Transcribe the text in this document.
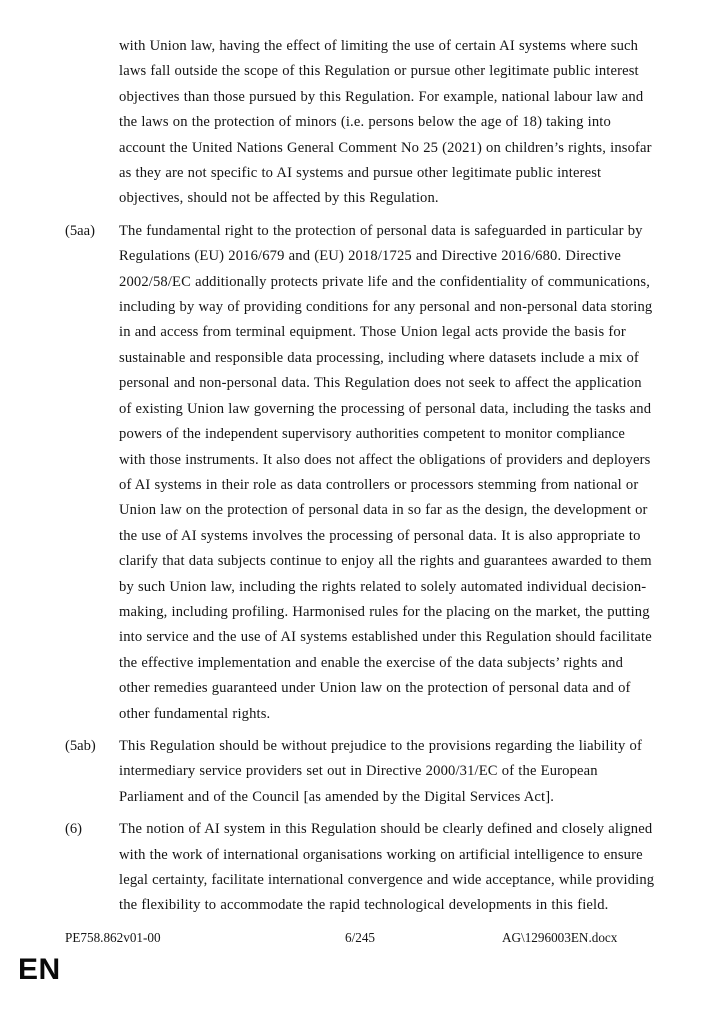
with Union law, having the effect of limiting the use of certain AI systems where such laws fall outside the scope of this Regulation or pursue other legitimate public interest objectives than those pursued by this Regulation. For example, national labour law and the laws on the protection of minors (i.e. persons below the age of 18) taking into account the United Nations General Comment No 25 (2021) on children’s rights, insofar as they are not specific to AI systems and pursue other legitimate public interest objectives, should not be affected by this Regulation.
(5aa)	The fundamental right to the protection of personal data is safeguarded in particular by Regulations (EU) 2016/679 and (EU) 2018/1725 and Directive 2016/680. Directive 2002/58/EC additionally protects private life and the confidentiality of communications, including by way of providing conditions for any personal and non-personal data storing in and access from terminal equipment. Those Union legal acts provide the basis for sustainable and responsible data processing, including where datasets include a mix of personal and non-personal data. This Regulation does not seek to affect the application of existing Union law governing the processing of personal data, including the tasks and powers of the independent supervisory authorities competent to monitor compliance with those instruments. It also does not affect the obligations of providers and deployers of AI systems in their role as data controllers or processors stemming from national or Union law on the protection of personal data in so far as the design, the development or the use of AI systems involves the processing of personal data. It is also appropriate to clarify that data subjects continue to enjoy all the rights and guarantees awarded to them by such Union law, including the rights related to solely automated individual decision-making, including profiling. Harmonised rules for the placing on the market, the putting into service and the use of AI systems established under this Regulation should facilitate the effective implementation and enable the exercise of the data subjects’ rights and other remedies guaranteed under Union law on the protection of personal data and of other fundamental rights.
(5ab)	This Regulation should be without prejudice to the provisions regarding the liability of intermediary service providers set out in Directive 2000/31/EC of the European Parliament and of the Council [as amended by the Digital Services Act].
(6)	The notion of AI system in this Regulation should be clearly defined and closely aligned with the work of international organisations working on artificial intelligence to ensure legal certainty, facilitate international convergence and wide acceptance, while providing the flexibility to accommodate the rapid technological developments in this field.
PE758.862v01-00	6/245	AG\1296003EN.docx
EN
